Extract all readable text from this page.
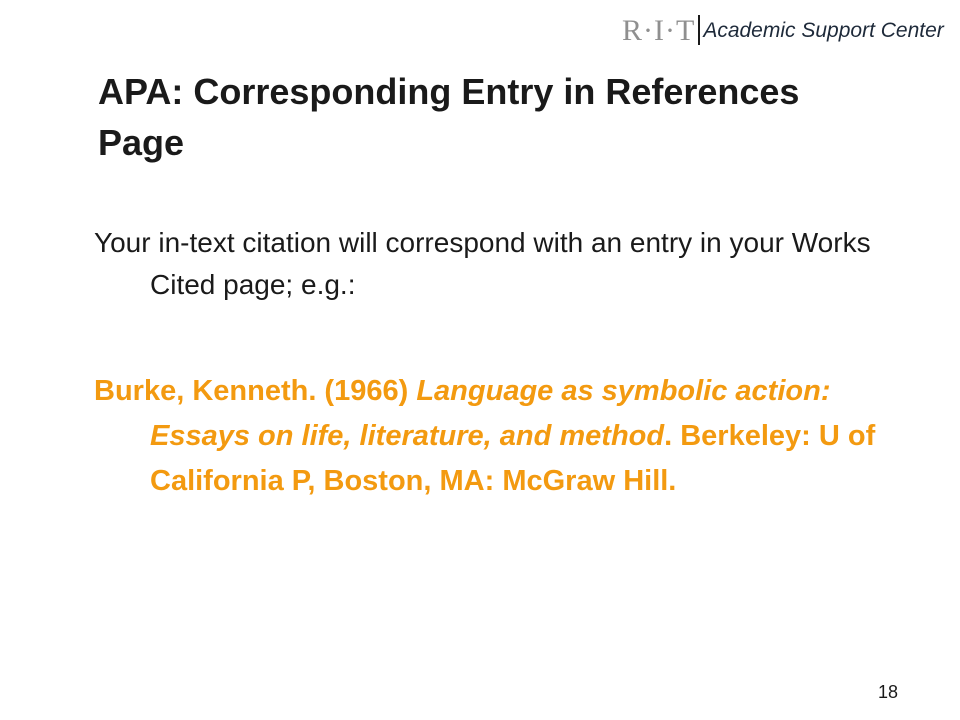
R·I·T Academic Support Center
APA: Corresponding Entry in References Page
Your in-text citation will correspond with an entry in your Works Cited page; e.g.:
Burke, Kenneth. (1966) Language as symbolic action: Essays on life, literature, and method. Berkeley: U of California P, Boston, MA: McGraw Hill.
18
